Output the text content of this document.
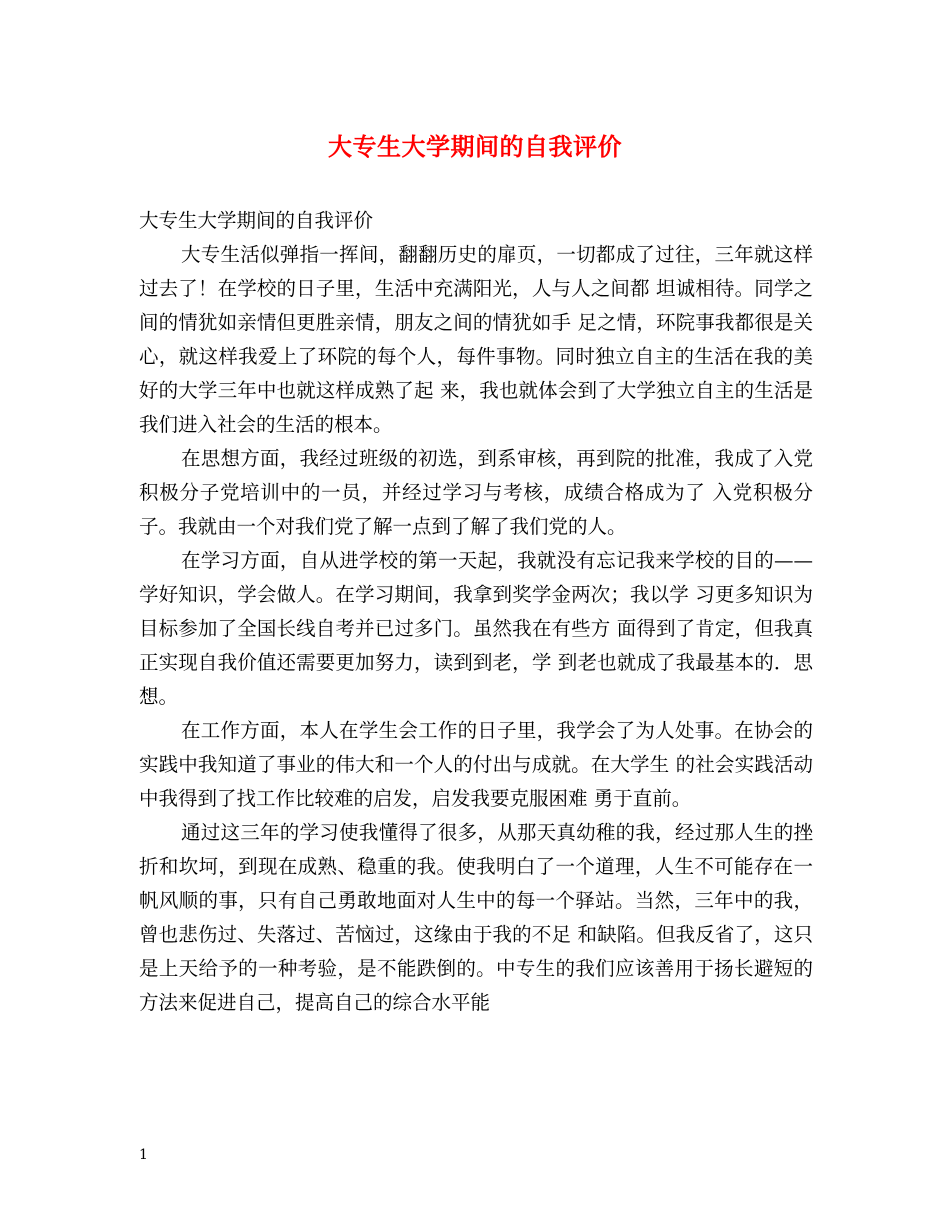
大专生大学期间的自我评价

大专生大学期间的自我评价

大专生活似弹指一挥间，翻翻历史的扉页，一切都成了过往，三年就这样过去了！在学校的日子里，生活中充满阳光，人与人之间都 坦诚相待。同学之间的情犹如亲情但更胜亲情，朋友之间的情犹如手 足之情，环院事我都很是关心，就这样我爱上了环院的每个人，每件事物。同时独立自主的生活在我的美好的大学三年中也就这样成熟了起 来，我也就体会到了大学独立自主的生活是我们进入社会的生活的根本。

在思想方面，我经过班级的初选，到系审核，再到院的批准，我成了入党积极分子党培训中的一员，并经过学习与考核，成绩合格成为了 入党积极分子。我就由一个对我们党了解一点到了解了我们党的人。

在学习方面，自从进学校的第一天起，我就没有忘记我来学校的目的——学好知识，学会做人。在学习期间，我拿到奖学金两次；我以学 习更多知识为目标参加了全国长线自考并已过多门。虽然我在有些方 面得到了肯定，但我真正实现自我价值还需要更加努力，读到到老，学 到老也就成了我最基本的．思想。

在工作方面，本人在学生会工作的日子里，我学会了为人处事。在协会的实践中我知道了事业的伟大和一个人的付出与成就。在大学生 的社会实践活动中我得到了找工作比较难的启发，启发我要克服困难 勇于直前。

通过这三年的学习使我懂得了很多，从那天真幼稚的我，经过那人生的挫折和坎坷，到现在成熟、稳重的我。使我明白了一个道理，人生不可能存在一帆风顺的事，只有自己勇敢地面对人生中的每一个驿站。当然，三年中的我，曾也悲伤过、失落过、苦恼过，这缘由于我的不足 和缺陷。但我反省了，这只是上天给予的一种考验，是不能跌倒的。中专生的我们应该善用于扬长避短的方法来促进自己，提高自己的综合水平能

1
